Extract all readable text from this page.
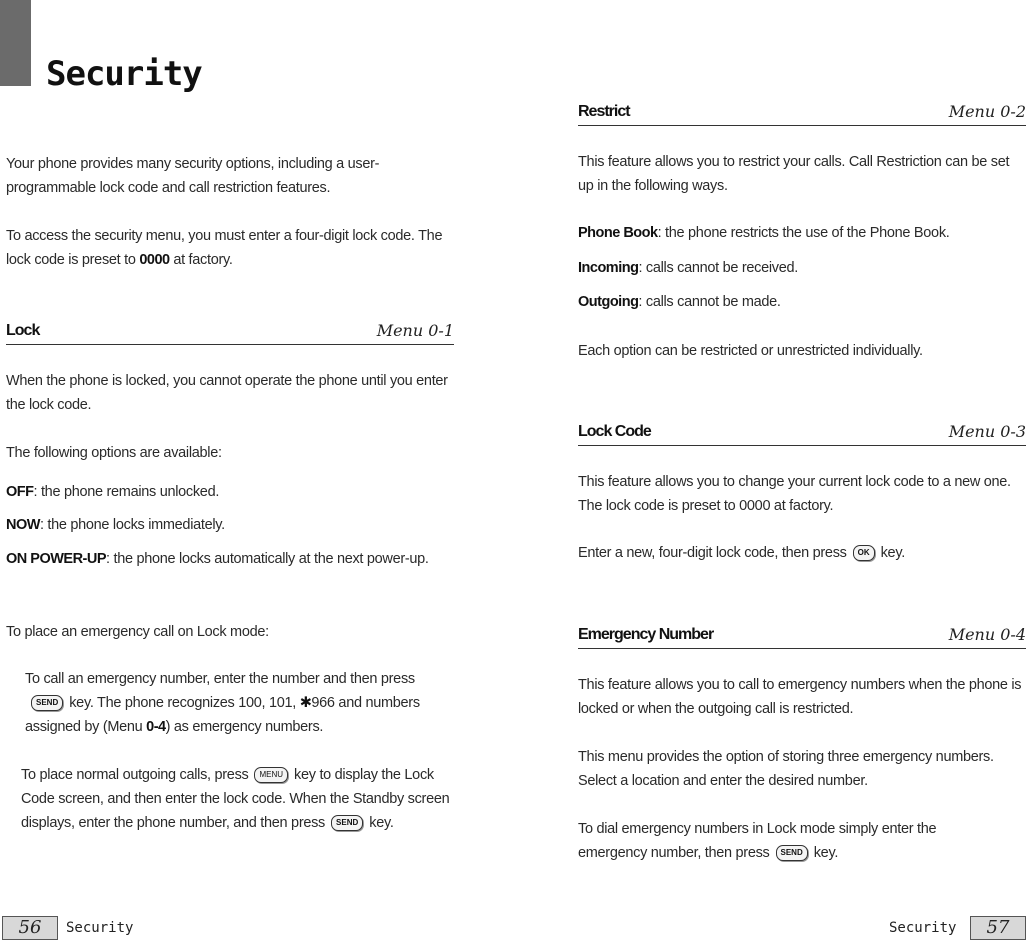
Security

Your phone provides many security options, including a user-programmable lock code and call restriction features.

To access the security menu, you must enter a four-digit lock code. The lock code is preset to 0000 at factory.

Lock	Menu 0-1

When the phone is locked, you cannot operate the phone until you enter the lock code.

The following options are available:

OFF: the phone remains unlocked.

NOW: the phone locks immediately.

ON POWER-UP: the phone locks automatically at the next power-up.

To place an emergency call on Lock mode:

To call an emergency number, enter the number and then pressSEND key. The phone recognizes 100, 101, ✱966 and numbers assigned by (Menu 0-4) as emergency numbers.

To place normal outgoing calls, press MENU key to display the Lock Code screen, and then enter the lock code. When the Standby screen displays, enter the phone number, and then press SEND key.

Restrict	Menu 0-2

This feature allows you to restrict your calls. Call Restriction can be set up in the following ways.

Phone Book: the phone restricts the use of the Phone Book.

Incoming: calls cannot be received.

Outgoing: calls cannot be made.

Each option can be restricted or unrestricted individually.

Lock Code	Menu 0-3

This feature allows you to change your current lock code to a new one. The lock code is preset to 0000 at factory.

Enter a new, four-digit lock code, then press OK key.

Emergency Number	Menu 0-4

This feature allows you to call to emergency numbers when the phone is locked or when the outgoing call is restricted.

This menu provides the option of storing three emergency numbers. Select a location and enter the desired number.

To dial emergency numbers in Lock mode simply enter the emergency number, then press SEND key.

56	Security	Security	57
